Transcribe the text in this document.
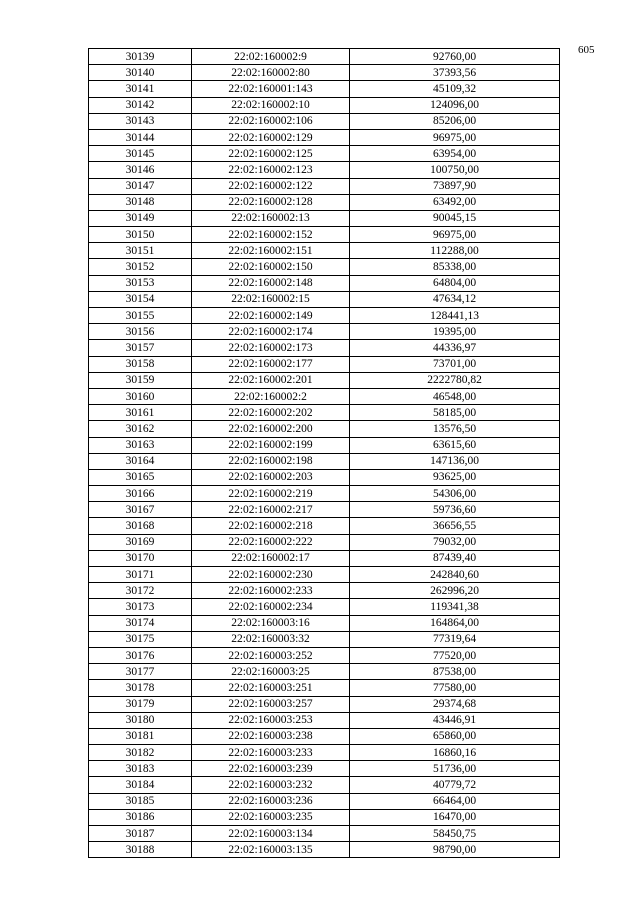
605
30139	22:02:160002:9	92760,00
30140	22:02:160002:80	37393,56
30141	22:02:160001:143	45109,32
30142	22:02:160002:10	124096,00
30143	22:02:160002:106	85206,00
30144	22:02:160002:129	96975,00
30145	22:02:160002:125	63954,00
30146	22:02:160002:123	100750,00
30147	22:02:160002:122	73897,90
30148	22:02:160002:128	63492,00
30149	22:02:160002:13	90045,15
30150	22:02:160002:152	96975,00
30151	22:02:160002:151	112288,00
30152	22:02:160002:150	85338,00
30153	22:02:160002:148	64804,00
30154	22:02:160002:15	47634,12
30155	22:02:160002:149	128441,13
30156	22:02:160002:174	19395,00
30157	22:02:160002:173	44336,97
30158	22:02:160002:177	73701,00
30159	22:02:160002:201	2222780,82
30160	22:02:160002:2	46548,00
30161	22:02:160002:202	58185,00
30162	22:02:160002:200	13576,50
30163	22:02:160002:199	63615,60
30164	22:02:160002:198	147136,00
30165	22:02:160002:203	93625,00
30166	22:02:160002:219	54306,00
30167	22:02:160002:217	59736,60
30168	22:02:160002:218	36656,55
30169	22:02:160002:222	79032,00
30170	22:02:160002:17	87439,40
30171	22:02:160002:230	242840,60
30172	22:02:160002:233	262996,20
30173	22:02:160002:234	119341,38
30174	22:02:160003:16	164864,00
30175	22:02:160003:32	77319,64
30176	22:02:160003:252	77520,00
30177	22:02:160003:25	87538,00
30178	22:02:160003:251	77580,00
30179	22:02:160003:257	29374,68
30180	22:02:160003:253	43446,91
30181	22:02:160003:238	65860,00
30182	22:02:160003:233	16860,16
30183	22:02:160003:239	51736,00
30184	22:02:160003:232	40779,72
30185	22:02:160003:236	66464,00
30186	22:02:160003:235	16470,00
30187	22:02:160003:134	58450,75
30188	22:02:160003:135	98790,00
